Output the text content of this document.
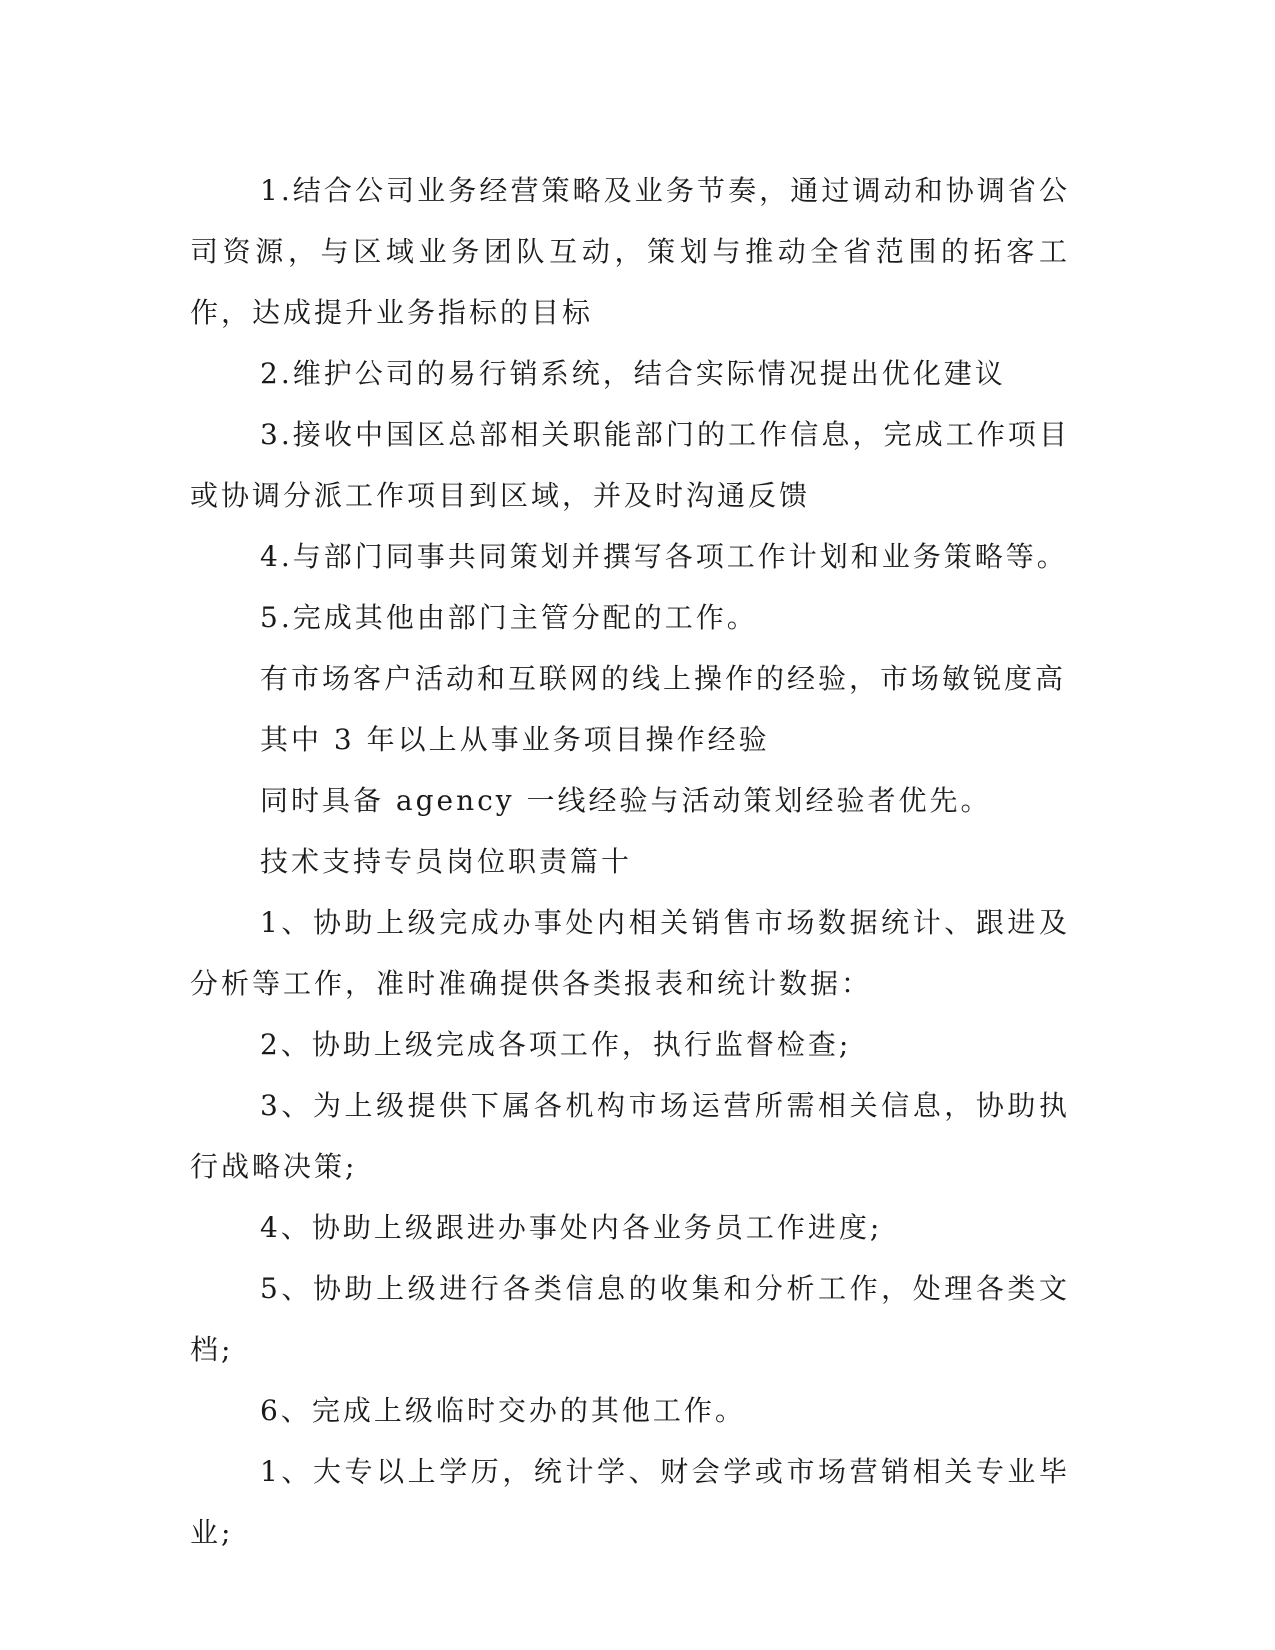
1.结合公司业务经营策略及业务节奏，通过调动和协调省公司资源，与区域业务团队互动，策划与推动全省范围的拓客工作，达成提升业务指标的目标

2.维护公司的易行销系统，结合实际情况提出优化建议

3.接收中国区总部相关职能部门的工作信息，完成工作项目或协调分派工作项目到区域，并及时沟通反馈

4.与部门同事共同策划并撰写各项工作计划和业务策略等。

5.完成其他由部门主管分配的工作。

有市场客户活动和互联网的线上操作的经验，市场敏锐度高

其中 3 年以上从事业务项目操作经验

同时具备 agency 一线经验与活动策划经验者优先。

技术支持专员岗位职责篇十

1、协助上级完成办事处内相关销售市场数据统计、跟进及分析等工作，准时准确提供各类报表和统计数据：

2、协助上级完成各项工作，执行监督检查;

3、为上级提供下属各机构市场运营所需相关信息，协助执行战略决策;

4、协助上级跟进办事处内各业务员工作进度;

5、协助上级进行各类信息的收集和分析工作，处理各类文档;

6、完成上级临时交办的其他工作。

1、大专以上学历，统计学、财会学或市场营销相关专业毕业;
